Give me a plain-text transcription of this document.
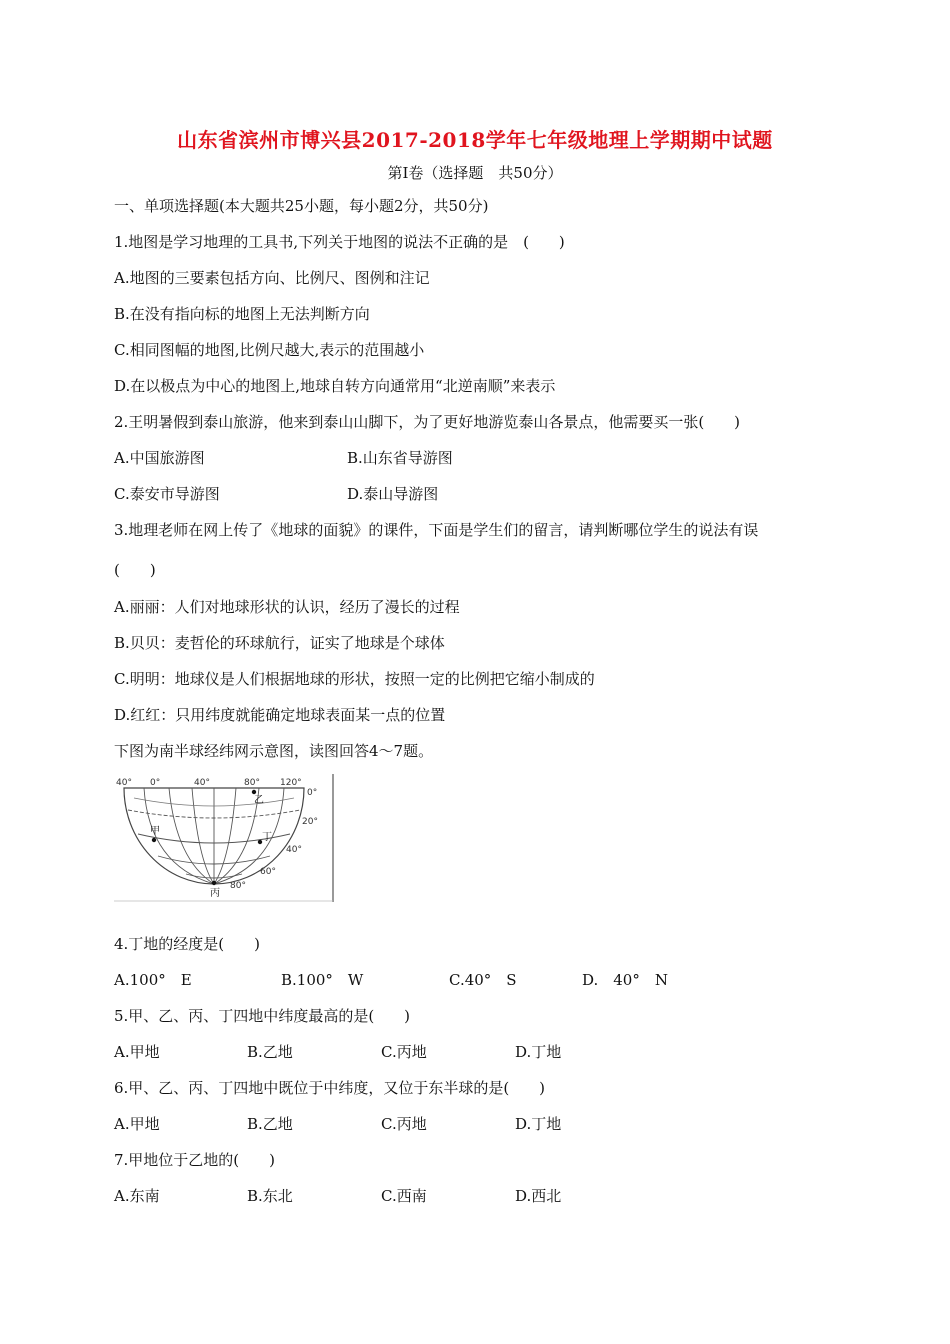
山东省滨州市博兴县2017-2018学年七年级地理上学期期中试题
第Ⅰ卷（选择题　共50分）
一、单项选择题(本大题共25小题，每小题2分，共50分)
1.地图是学习地理的工具书,下列关于地图的说法不正确的是　(　　)
A.地图的三要素包括方向、比例尺、图例和注记
B.在没有指向标的地图上无法判断方向
C.相同图幅的地图,比例尺越大,表示的范围越小
D.在以极点为中心的地图上,地球自转方向通常用“北逆南顺”来表示
2.王明暑假到泰山旅游，他来到泰山山脚下，为了更好地游览泰山各景点，他需要买一张(　　)
A.中国旅游图	B.山东省导游图
C.泰安市导游图	D.泰山导游图
3.地理老师在网上传了《地球的面貌》的课件，下面是学生们的留言，请判断哪位学生的说法有误
(　　)
A.丽丽：人们对地球形状的认识，经历了漫长的过程
B.贝贝：麦哲伦的环球航行，证实了地球是个球体
C.明明：地球仪是人们根据地球的形状，按照一定的比例把它缩小制成的
D.红红：只用纬度就能确定地球表面某一点的位置
下图为南半球经纬网示意图，读图回答4～7题。
40° 0°	40°	80° 120°
0°
20°
40°
60°
80°
甲
乙
丙
丁
4.丁地的经度是(　　)
A.100°　E	B.100°　W	C.40°　S	D.　40°　N
5.甲、乙、丙、丁四地中纬度最高的是(　　)
A.甲地	B.乙地	C.丙地	D.丁地
6.甲、乙、丙、丁四地中既位于中纬度，又位于东半球的是(　　)
A.甲地	B.乙地	C.丙地	D.丁地
7.甲地位于乙地的(　　)
A.东南	B.东北	C.西南	D.西北
